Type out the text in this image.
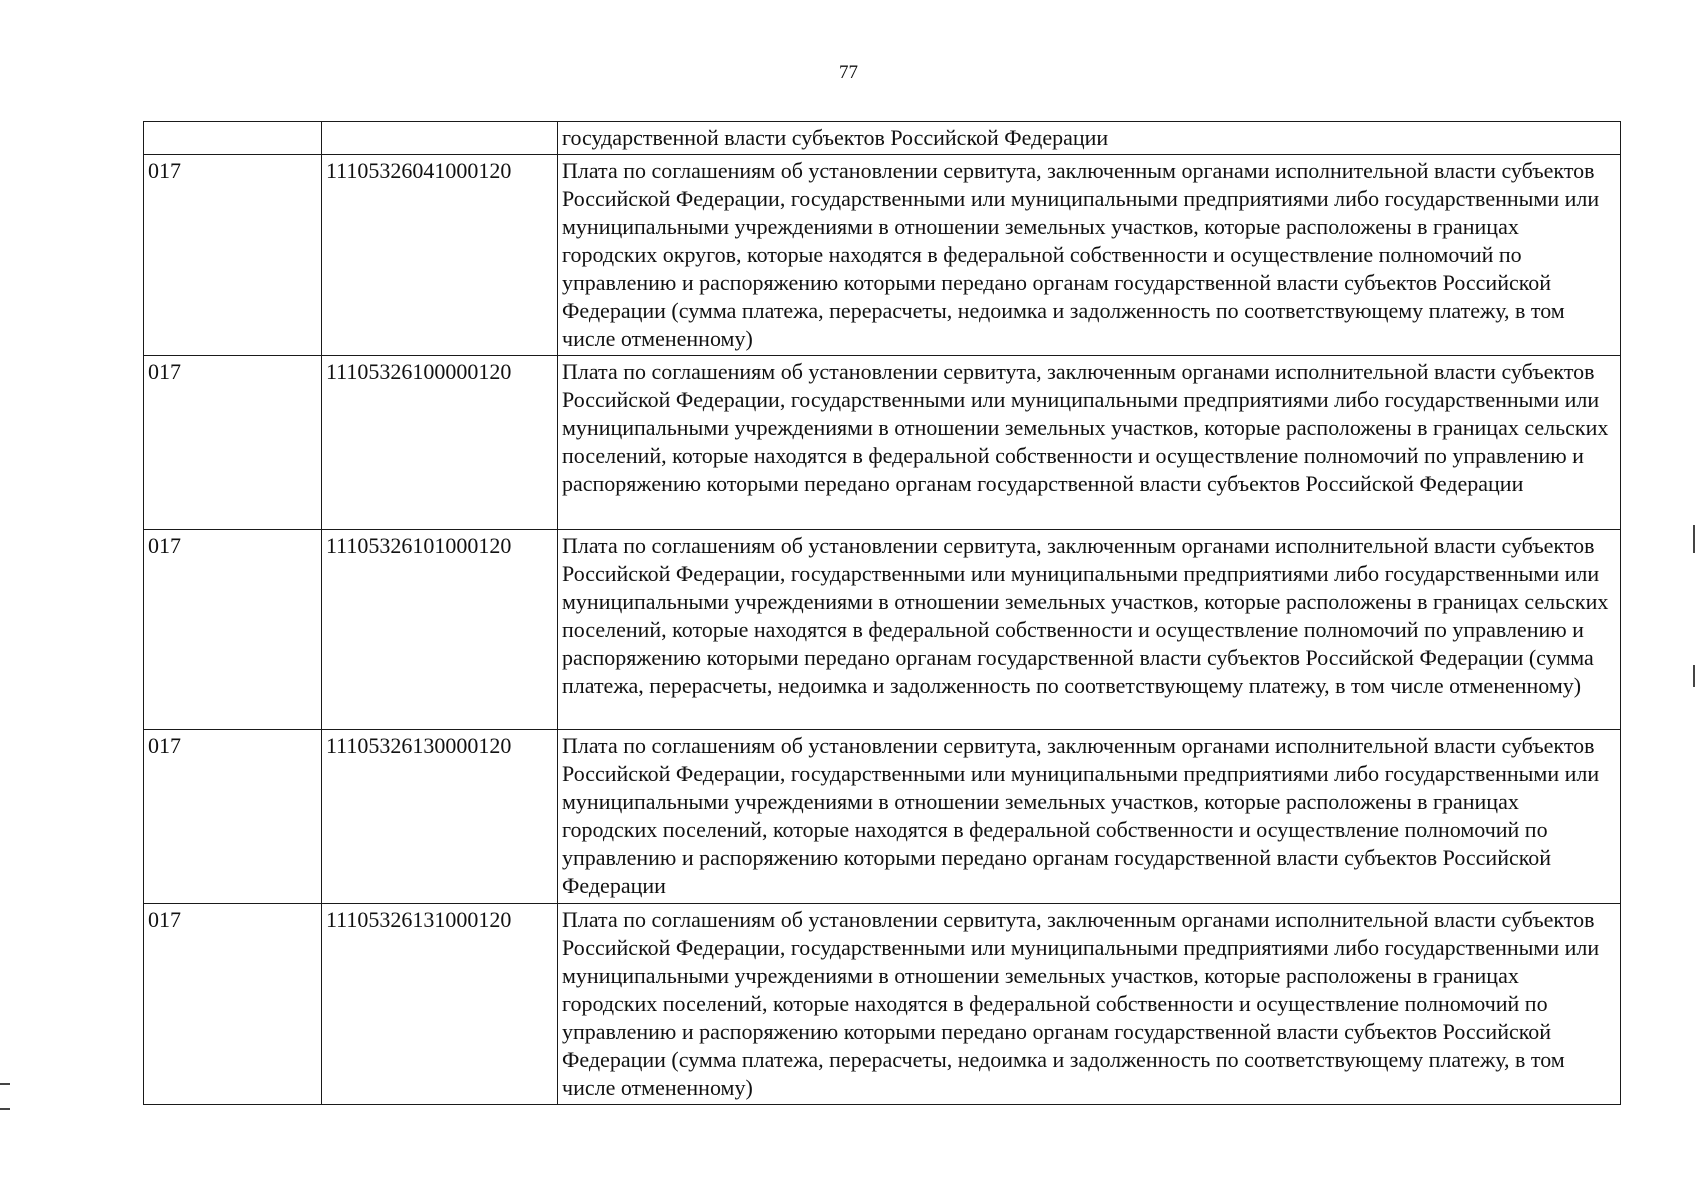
77
		государственной власти субъектов Российской Федерации
017	11105326041000120	Плата по соглашениям об установлении сервитута, заключенным органами исполнительной власти субъектов Российской Федерации, государственными или муниципальными предприятиями либо государственными или муниципальными учреждениями в отношении земельных участков, которые расположены в границах городских округов, которые находятся в федеральной собственности и осуществление полномочий по управлению и распоряжению которыми передано органам государственной власти субъектов Российской Федерации (сумма платежа, перерасчеты, недоимка и задолженность по соответствующему платежу, в том числе отмененному)
017	11105326100000120	Плата по соглашениям об установлении сервитута, заключенным органами исполнительной власти субъектов Российской Федерации, государственными или муниципальными предприятиями либо государственными или муниципальными учреждениями в отношении земельных участков, которые расположены в границах сельских поселений, которые находятся в федеральной собственности и осуществление полномочий по управлению и распоряжению которыми передано органам государственной власти субъектов Российской Федерации
017	11105326101000120	Плата по соглашениям об установлении сервитута, заключенным органами исполнительной власти субъектов Российской Федерации, государственными или муниципальными предприятиями либо государственными или муниципальными учреждениями в отношении земельных участков, которые расположены в границах сельских поселений, которые находятся в федеральной собственности и осуществление полномочий по управлению и распоряжению которыми передано органам государственной власти субъектов Российской Федерации (сумма платежа, перерасчеты, недоимка и задолженность по соответствующему платежу, в том числе отмененному)
017	11105326130000120	Плата по соглашениям об установлении сервитута, заключенным органами исполнительной власти субъектов Российской Федерации, государственными или муниципальными предприятиями либо государственными или муниципальными учреждениями в отношении земельных участков, которые расположены в границах городских поселений, которые находятся в федеральной собственности и осуществление полномочий по управлению и распоряжению которыми передано органам государственной власти субъектов Российской Федерации
017	11105326131000120	Плата по соглашениям об установлении сервитута, заключенным органами исполнительной власти субъектов Российской Федерации, государственными или муниципальными предприятиями либо государственными или муниципальными учреждениями в отношении земельных участков, которые расположены в границах городских поселений, которые находятся в федеральной собственности и осуществление полномочий по управлению и распоряжению которыми передано органам государственной власти субъектов Российской Федерации (сумма платежа, перерасчеты, недоимка и задолженность по соответствующему платежу, в том числе отмененному)
